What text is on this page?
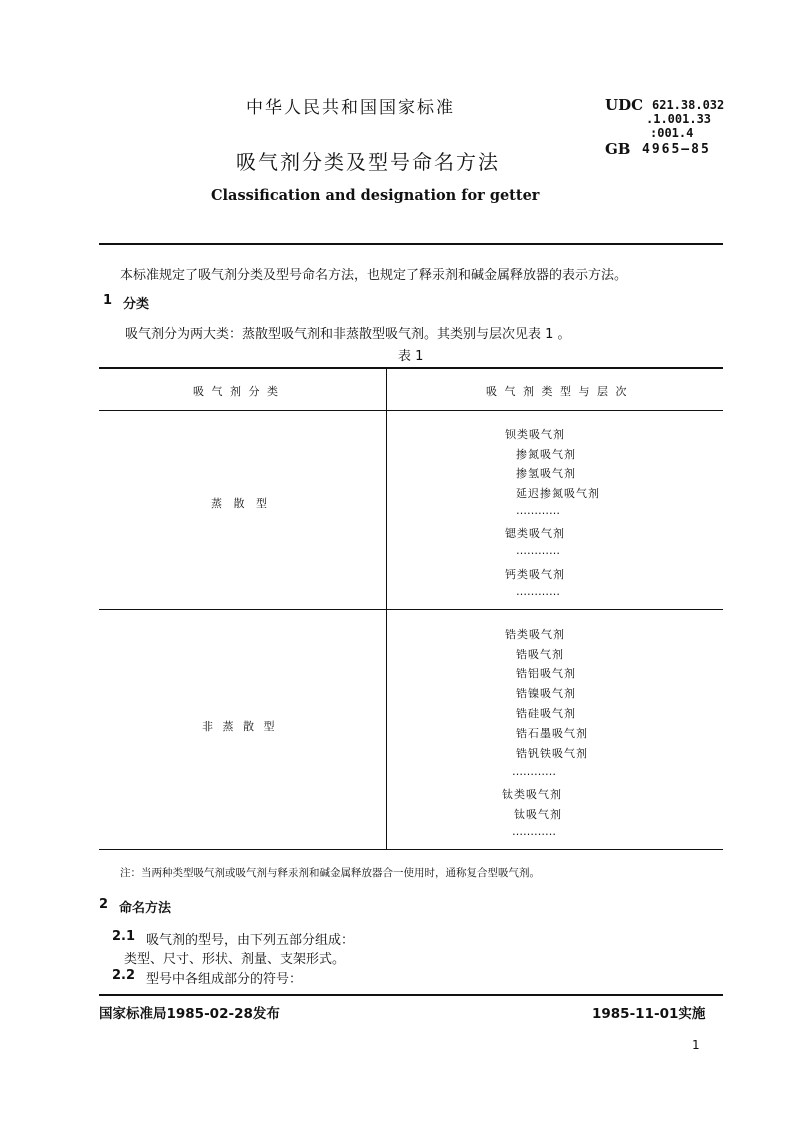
中华人民共和国国家标准
吸气剂分类及型号命名方法
Classification and designation for getter
UDC 621.38.032
.1.001.33
:001.4
GB 4965—85
本标准规定了吸气剂分类及型号命名方法，也规定了释汞剂和碱金属释放器的表示方法。
1 分类
吸气剂分为两大类：蒸散型吸气剂和非蒸散型吸气剂。其类别与层次见表 1 。
表 1
吸 气 剂 分 类	吸 气 剂 类 型 与 层 次
蒸 散 型
钡类吸气剂
掺氮吸气剂
掺氢吸气剂
延迟掺氮吸气剂
…………
锶类吸气剂
…………
钙类吸气剂
…………
非 蒸 散 型
锆类吸气剂
锆吸气剂
锆铝吸气剂
锆镍吸气剂
锆硅吸气剂
锆石墨吸气剂
锆钒铁吸气剂
…………
钛类吸气剂
钛吸气剂
…………
注：当两种类型吸气剂或吸气剂与释汞剂和碱金属释放器合一使用时，通称复合型吸气剂。
2 命名方法
2.1 吸气剂的型号，由下列五部分组成：
类型、尺寸、形状、剂量、支架形式。
2.2 型号中各组成部分的符号：
国家标准局1985-02-28发布	1985-11-01实施
1
